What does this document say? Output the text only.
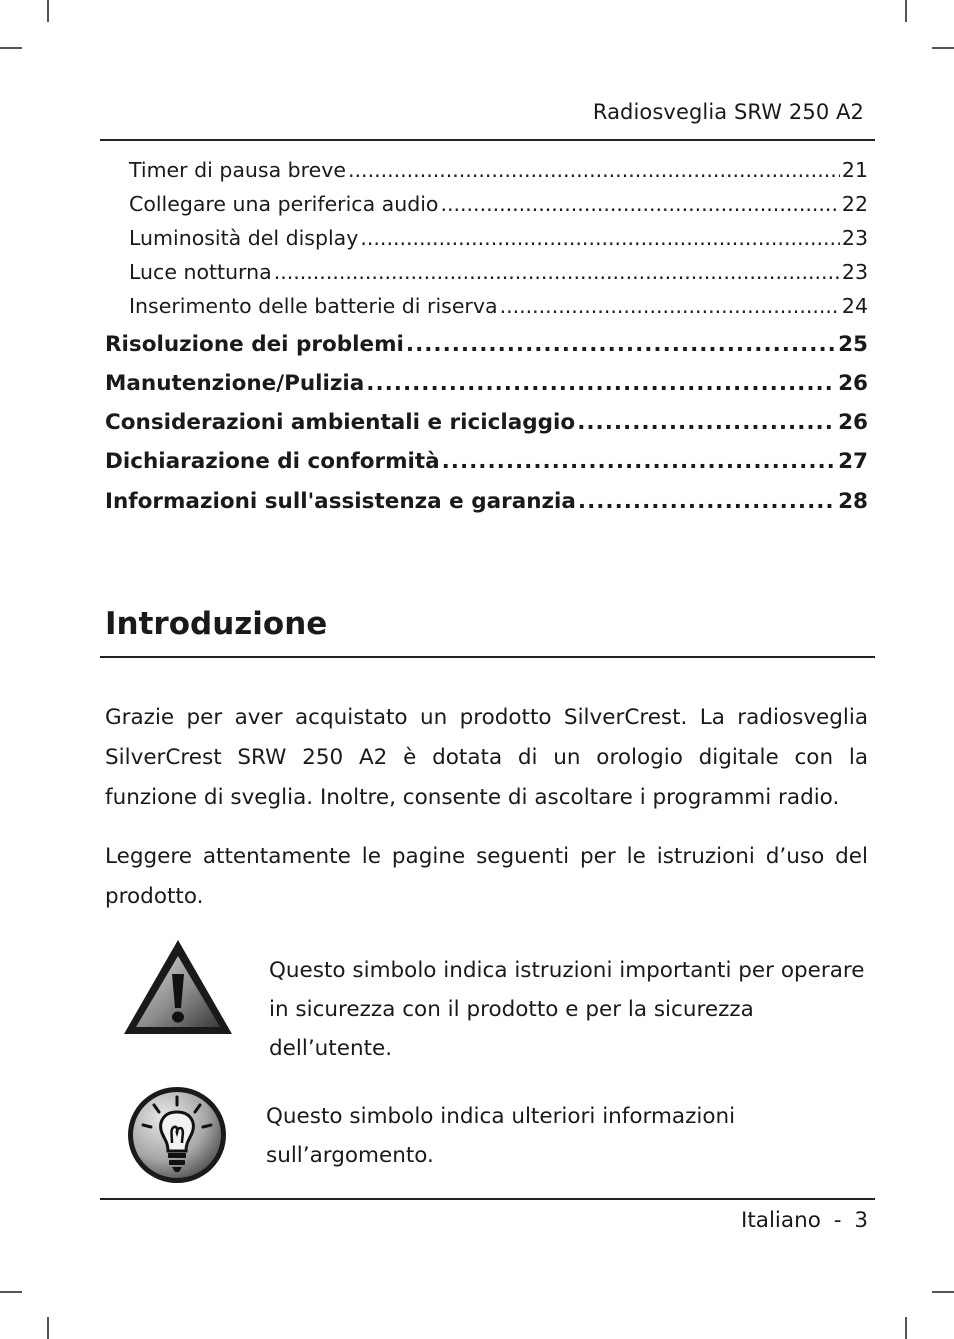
Radiosveglia SRW 250 A2
Timer di pausa breve .....	21
Collegare una periferica audio .....	22
Luminosità del display .....	23
Luce notturna .....	23
Inserimento delle batterie di riserva .....	24
Risoluzione dei problemi .....	25
Manutenzione/Pulizia .....	26
Considerazioni ambientali e riciclaggio .....	26
Dichiarazione di conformità .....	27
Informazioni sull'assistenza e garanzia .....	28
Introduzione
Grazie per aver acquistato un prodotto SilverCrest. La radiosveglia SilverCrest SRW 250 A2 è dotata di un orologio digitale con la funzione di sveglia. Inoltre, consente di ascoltare i programmi radio.
Leggere attentamente le pagine seguenti per le istruzioni d’uso del prodotto.
Questo simbolo indica istruzioni importanti per operare in sicurezza con il prodotto e per la sicurezza dell’utente.
Questo simbolo indica ulteriori informazioni sull’argomento.
Italiano - 3
